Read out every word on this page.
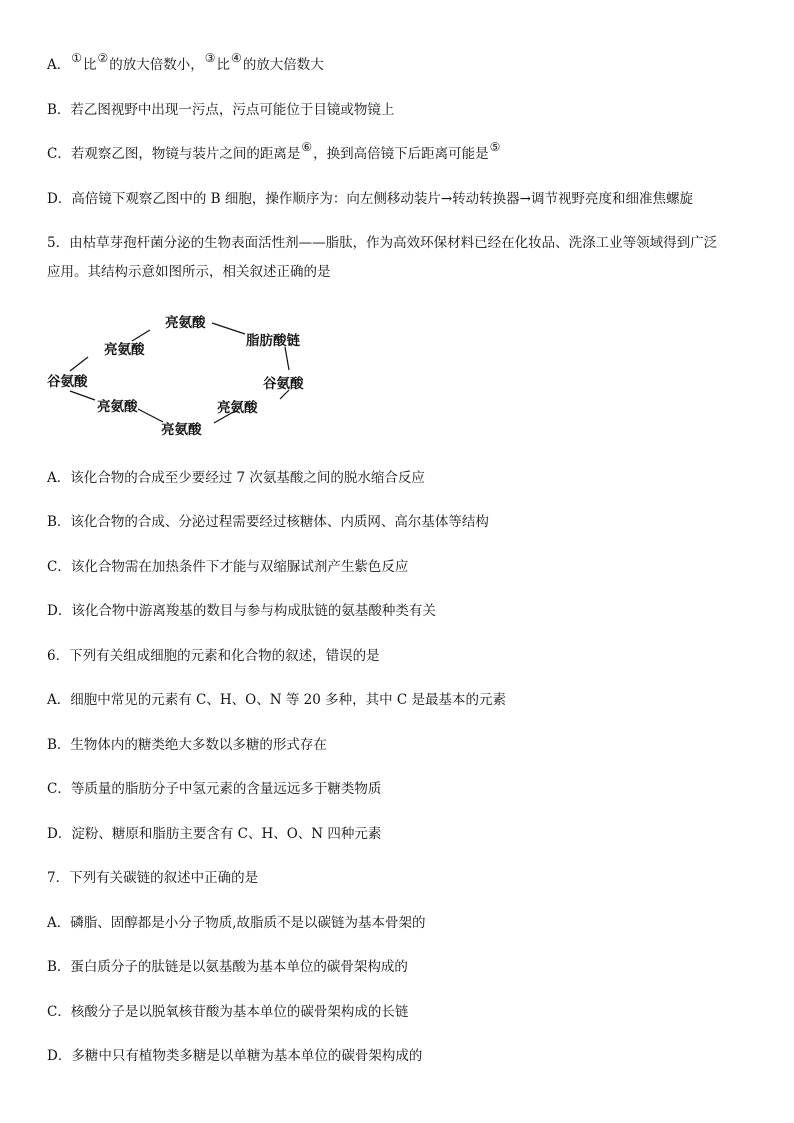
A．①比②的放大倍数小，③比④的放大倍数大
B．若乙图视野中出现一污点，污点可能位于目镜或物镜上
C．若观察乙图，物镜与装片之间的距离是⑥，换到高倍镜下后距离可能是⑤
D．高倍镜下观察乙图中的 B 细胞，操作顺序为：向左侧移动装片→转动转换器→调节视野亮度和细准焦螺旋
5．由枯草芽孢杆菌分泌的生物表面活性剂——脂肽，作为高效环保材料已经在化妆品、洗涤工业等领域得到广泛
应用。其结构示意如图所示，相关叙述正确的是
亮氨酸
脂肪酸链
亮氨酸
谷氨酸	谷氨酸
亮氨酸	亮氨酸
亮氨酸
A．该化合物的合成至少要经过 7 次氨基酸之间的脱水缩合反应
B．该化合物的合成、分泌过程需要经过核糖体、内质网、高尔基体等结构
C．该化合物需在加热条件下才能与双缩脲试剂产生紫色反应
D．该化合物中游离羧基的数目与参与构成肽链的氨基酸种类有关
6．下列有关组成细胞的元素和化合物的叙述，错误的是
A．细胞中常见的元素有 C、H、O、N 等 20 多种，其中 C 是最基本的元素
B．生物体内的糖类绝大多数以多糖的形式存在
C．等质量的脂肪分子中氢元素的含量远远多于糖类物质
D．淀粉、糖原和脂肪主要含有 C、H、O、N 四种元素
7．下列有关碳链的叙述中正确的是
A．磷脂、固醇都是小分子物质,故脂质不是以碳链为基本骨架的
B．蛋白质分子的肽链是以氨基酸为基本单位的碳骨架构成的
C．核酸分子是以脱氧核苷酸为基本单位的碳骨架构成的长链
D．多糖中只有植物类多糖是以单糖为基本单位的碳骨架构成的
